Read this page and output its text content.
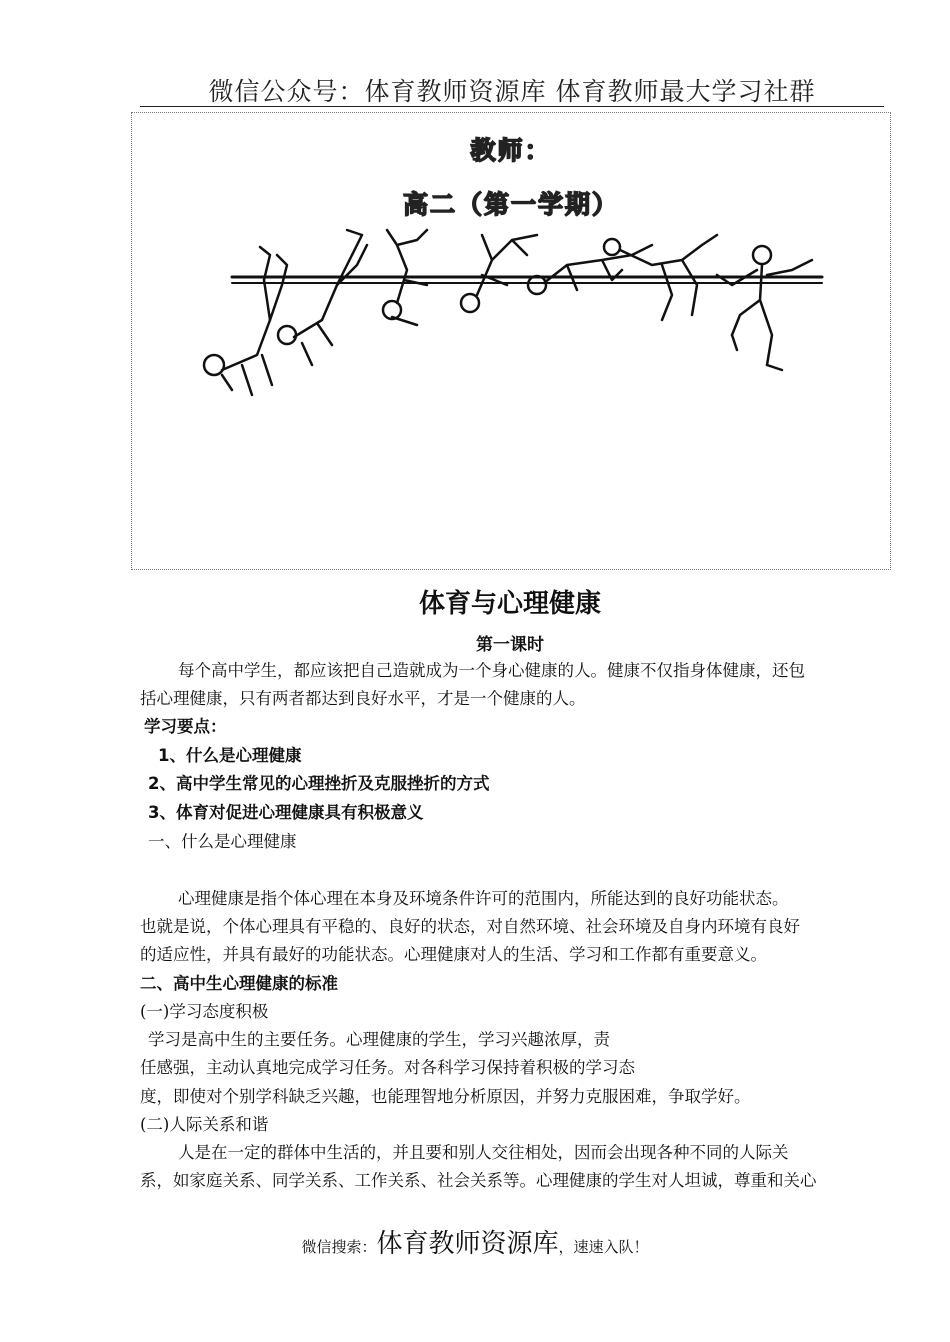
微信公众号：体育教师资源库 体育教师最大学习社群
教师：
高二（第一学期）
体育与心理健康
第一课时
每个高中学生，都应该把自己造就成为一个身心健康的人。健康不仅指身体健康，还包
括心理健康，只有两者都达到良好水平，才是一个健康的人。
学习要点：
1、什么是心理健康
2、高中学生常见的心理挫折及克服挫折的方式
3、体育对促进心理健康具有积极意义
一、什么是心理健康
心理健康是指个体心理在本身及环境条件许可的范围内，所能达到的良好功能状态。
也就是说，个体心理具有平稳的、良好的状态，对自然环境、社会环境及自身内环境有良好
的适应性，并具有最好的功能状态。心理健康对人的生活、学习和工作都有重要意义。
二、高中生心理健康的标准
(一)学习态度积极
学习是高中生的主要任务。心理健康的学生，学习兴趣浓厚，责
任感强，主动认真地完成学习任务。对各科学习保持着积极的学习态
度，即使对个别学科缺乏兴趣，也能理智地分析原因，并努力克服困难，争取学好。
(二)人际关系和谐
人是在一定的群体中生活的，并且要和别人交往相处，因而会出现各种不同的人际关
系，如家庭关系、同学关系、工作关系、社会关系等。心理健康的学生对人坦诚，尊重和关心
微信搜索：体育教师资源库，速速入队！
